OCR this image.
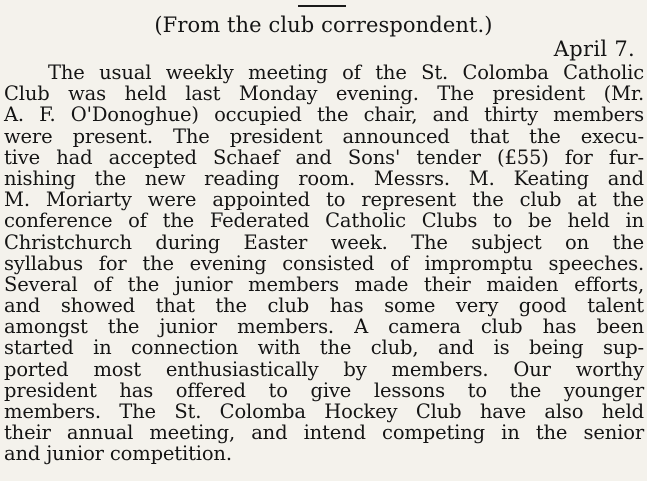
(From the club correspondent.)
April 7.
The usual weekly meeting of the St. Colomba Catholic
Club was held last Monday evening. The president (Mr.
A. F. O'Donoghue) occupied the chair, and thirty members
were present. The president announced that the execu-
tive had accepted Schaef and Sons' tender (£55) for fur-
nishing the new reading room. Messrs. M. Keating and
M. Moriarty were appointed to represent the club at the
conference of the Federated Catholic Clubs to be held in
Christchurch during Easter week. The subject on the
syllabus for the evening consisted of impromptu speeches.
Several of the junior members made their maiden efforts,
and showed that the club has some very good talent
amongst the junior members. A camera club has been
started in connection with the club, and is being sup-
ported most enthusiastically by members. Our worthy
president has offered to give lessons to the younger
members. The St. Colomba Hockey Club have also held
their annual meeting, and intend competing in the senior
and junior competition.
